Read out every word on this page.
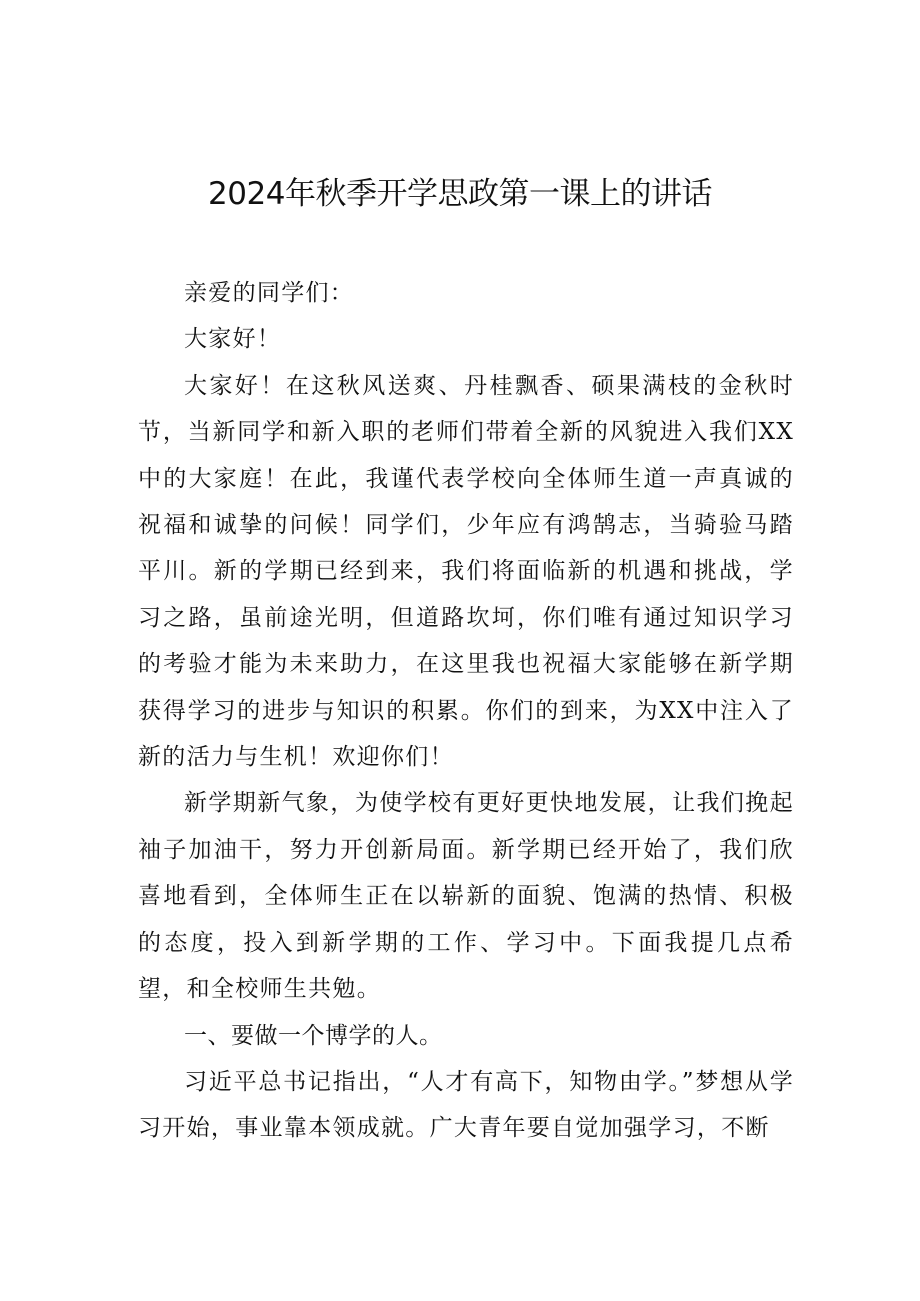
2024年秋季开学思政第一课上的讲话

亲爱的同学们：

大家好！

大家好！在这秋风送爽、丹桂飘香、硕果满枝的金秋时节，当新同学和新入职的老师们带着全新的风貌进入我们XX中的大家庭！在此，我谨代表学校向全体师生道一声真诚的祝福和诚挚的问候！同学们，少年应有鸿鹄志，当骑验马踏平川。新的学期已经到来，我们将面临新的机遇和挑战，学习之路，虽前途光明，但道路坎坷，你们唯有通过知识学习的考验才能为未来助力，在这里我也祝福大家能够在新学期获得学习的进步与知识的积累。你们的到来，为XX中注入了新的活力与生机！欢迎你们！

新学期新气象，为使学校有更好更快地发展，让我们挽起袖子加油干，努力开创新局面。新学期已经开始了，我们欣喜地看到，全体师生正在以崭新的面貌、饱满的热情、积极的态度，投入到新学期的工作、学习中。下面我提几点希望，和全校师生共勉。

一、要做一个博学的人。

习近平总书记指出，“人才有高下，知物由学。”梦想从学习开始，事业靠本领成就。广大青年要自觉加强学习，不断
